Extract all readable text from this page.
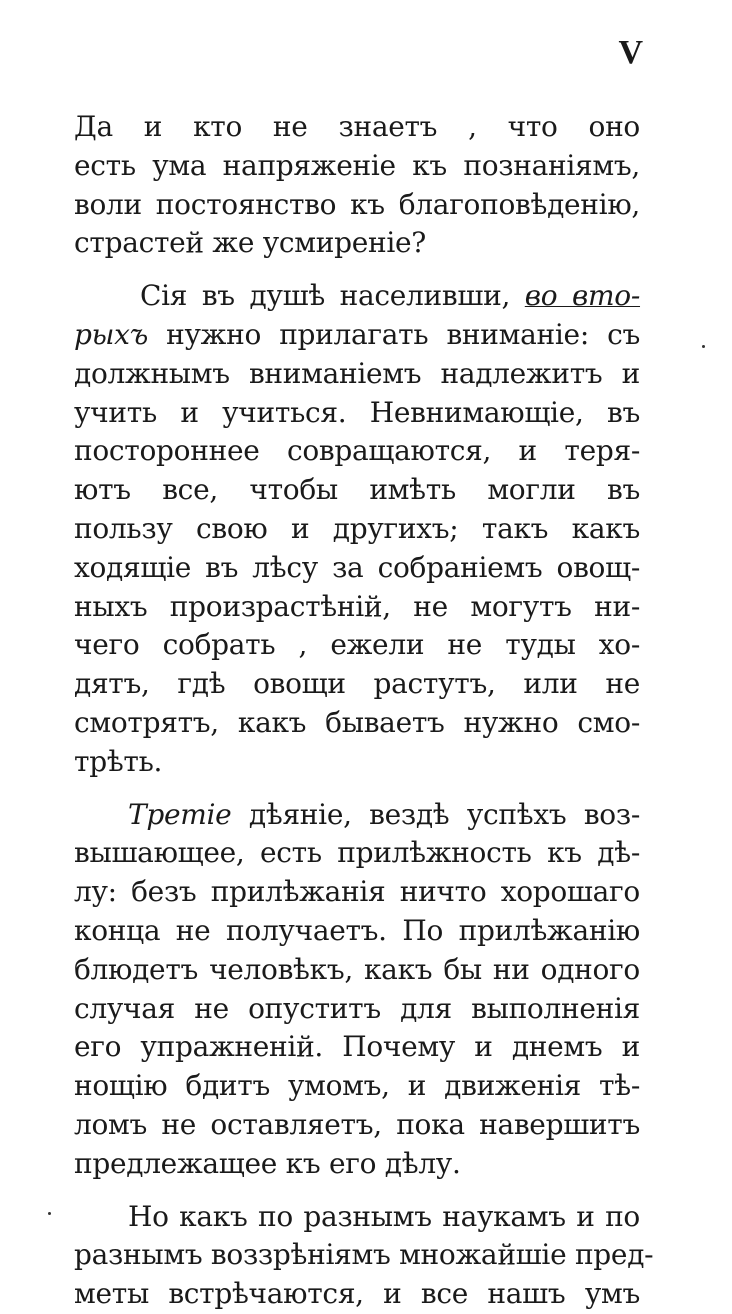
V
Да и кто не знаетъ , что оно
есть ума напряженіе къ познаніямъ,
воли постоянство къ благоповѣденію,
страстей же усмиреніе?
Сія въ душѣ населивши, во вто-
рыхъ нужно прилагать вниманіе: съ
должнымъ вниманіемъ надлежитъ и
учить и учиться. Невнимающіе, въ
постороннее совращаются, и теря-
ютъ все, чтобы имѣть могли въ
пользу свою и другихъ; такъ какъ
ходящіе въ лѣсу за собраніемъ овощ-
ныхъ произрастѣній, не могутъ ни-
чего собрать , ежели не туды хо-
дятъ, гдѣ овощи растутъ, или не
смотрятъ, какъ бываетъ нужно смо-
трѣть.
Третіе дѣяніе, вездѣ успѣхъ воз-
вышающее, есть прилѣжность къ дѣ-
лу: безъ прилѣжанія ничто хорошаго
конца не получаетъ. По прилѣжанію
блюдетъ человѣкъ, какъ бы ни одного
случая не опуститъ для выполненія
его упражненій. Почему и днемъ и
нощію бдитъ умомъ, и движенія тѣ-
ломъ не оставляетъ, пока навершитъ
предлежащее къ его дѣлу.
Но какъ по разнымъ наукамъ и по
разнымъ воззрѣніямъ множайшіе пред-
меты встрѣчаются, и все нашъ умъ
